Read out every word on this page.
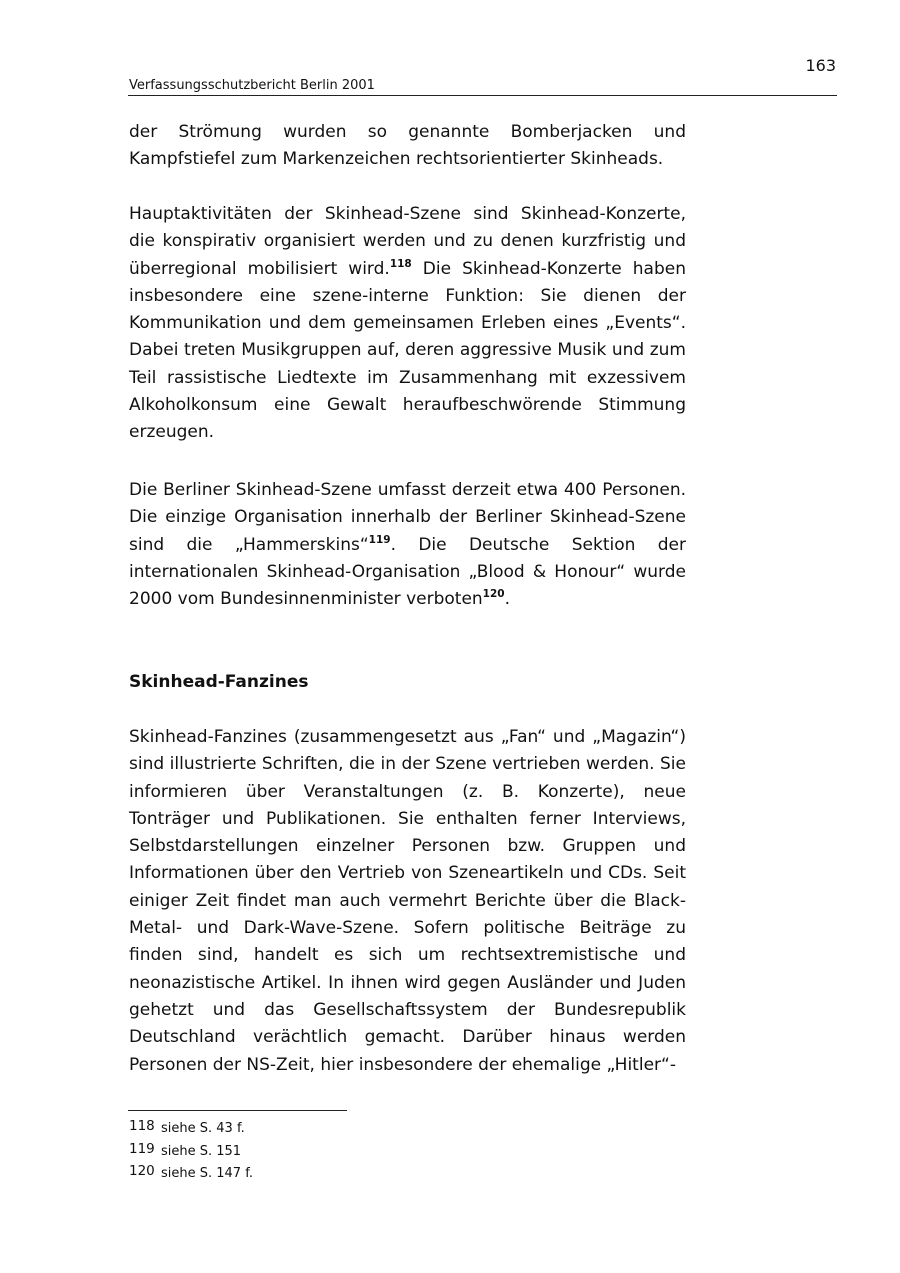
163
Verfassungsschutzbericht Berlin 2001

der Strömung wurden so genannte Bomberjacken und Kampfstiefel zum Markenzeichen rechtsorientierter Skinheads.

Hauptaktivitäten der Skinhead-Szene sind Skinhead-Konzerte, die konspirativ organisiert werden und zu denen kurzfristig und überregional mobilisiert wird.$^{118}$ Die Skinhead-Konzerte haben insbesondere eine szene-interne Funktion: Sie dienen der Kommunikation und dem gemeinsamen Erleben eines „Events“. Dabei treten Musikgruppen auf, deren aggressive Musik und zum Teil rassistische Liedtexte im Zusammenhang mit exzessivem Alkoholkonsum eine Gewalt heraufbeschwörende Stimmung erzeugen.

Die Berliner Skinhead-Szene umfasst derzeit etwa 400 Personen. Die einzige Organisation innerhalb der Berliner Skinhead-Szene sind die „Hammerskins“$^{119}$. Die Deutsche Sektion der internationalen Skinhead-Organisation „Blood & Honour“ wurde 2000 vom Bundesinnenminister verboten$^{120}$.

Skinhead-Fanzines

Skinhead-Fanzines (zusammengesetzt aus „Fan“ und „Magazin“) sind illustrierte Schriften, die in der Szene vertrieben werden. Sie informieren über Veranstaltungen (z. B. Konzerte), neue Tonträger und Publikationen. Sie enthalten ferner Interviews, Selbstdarstellungen einzelner Personen bzw. Gruppen und Informationen über den Vertrieb von Szeneartikeln und CDs. Seit einiger Zeit findet man auch vermehrt Berichte über die Black-Metal- und Dark-Wave-Szene. Sofern politische Beiträge zu finden sind, handelt es sich um rechtsextremistische und neonazistische Artikel. In ihnen wird gegen Ausländer und Juden gehetzt und das Gesellschaftssystem der Bundesrepublik Deutschland verächtlich gemacht. Darüber hinaus werden Personen der NS-Zeit, hier insbesondere der ehemalige „Hitler“-

118 siehe S. 43 f.
119 siehe S. 151
120 siehe S. 147 f.
